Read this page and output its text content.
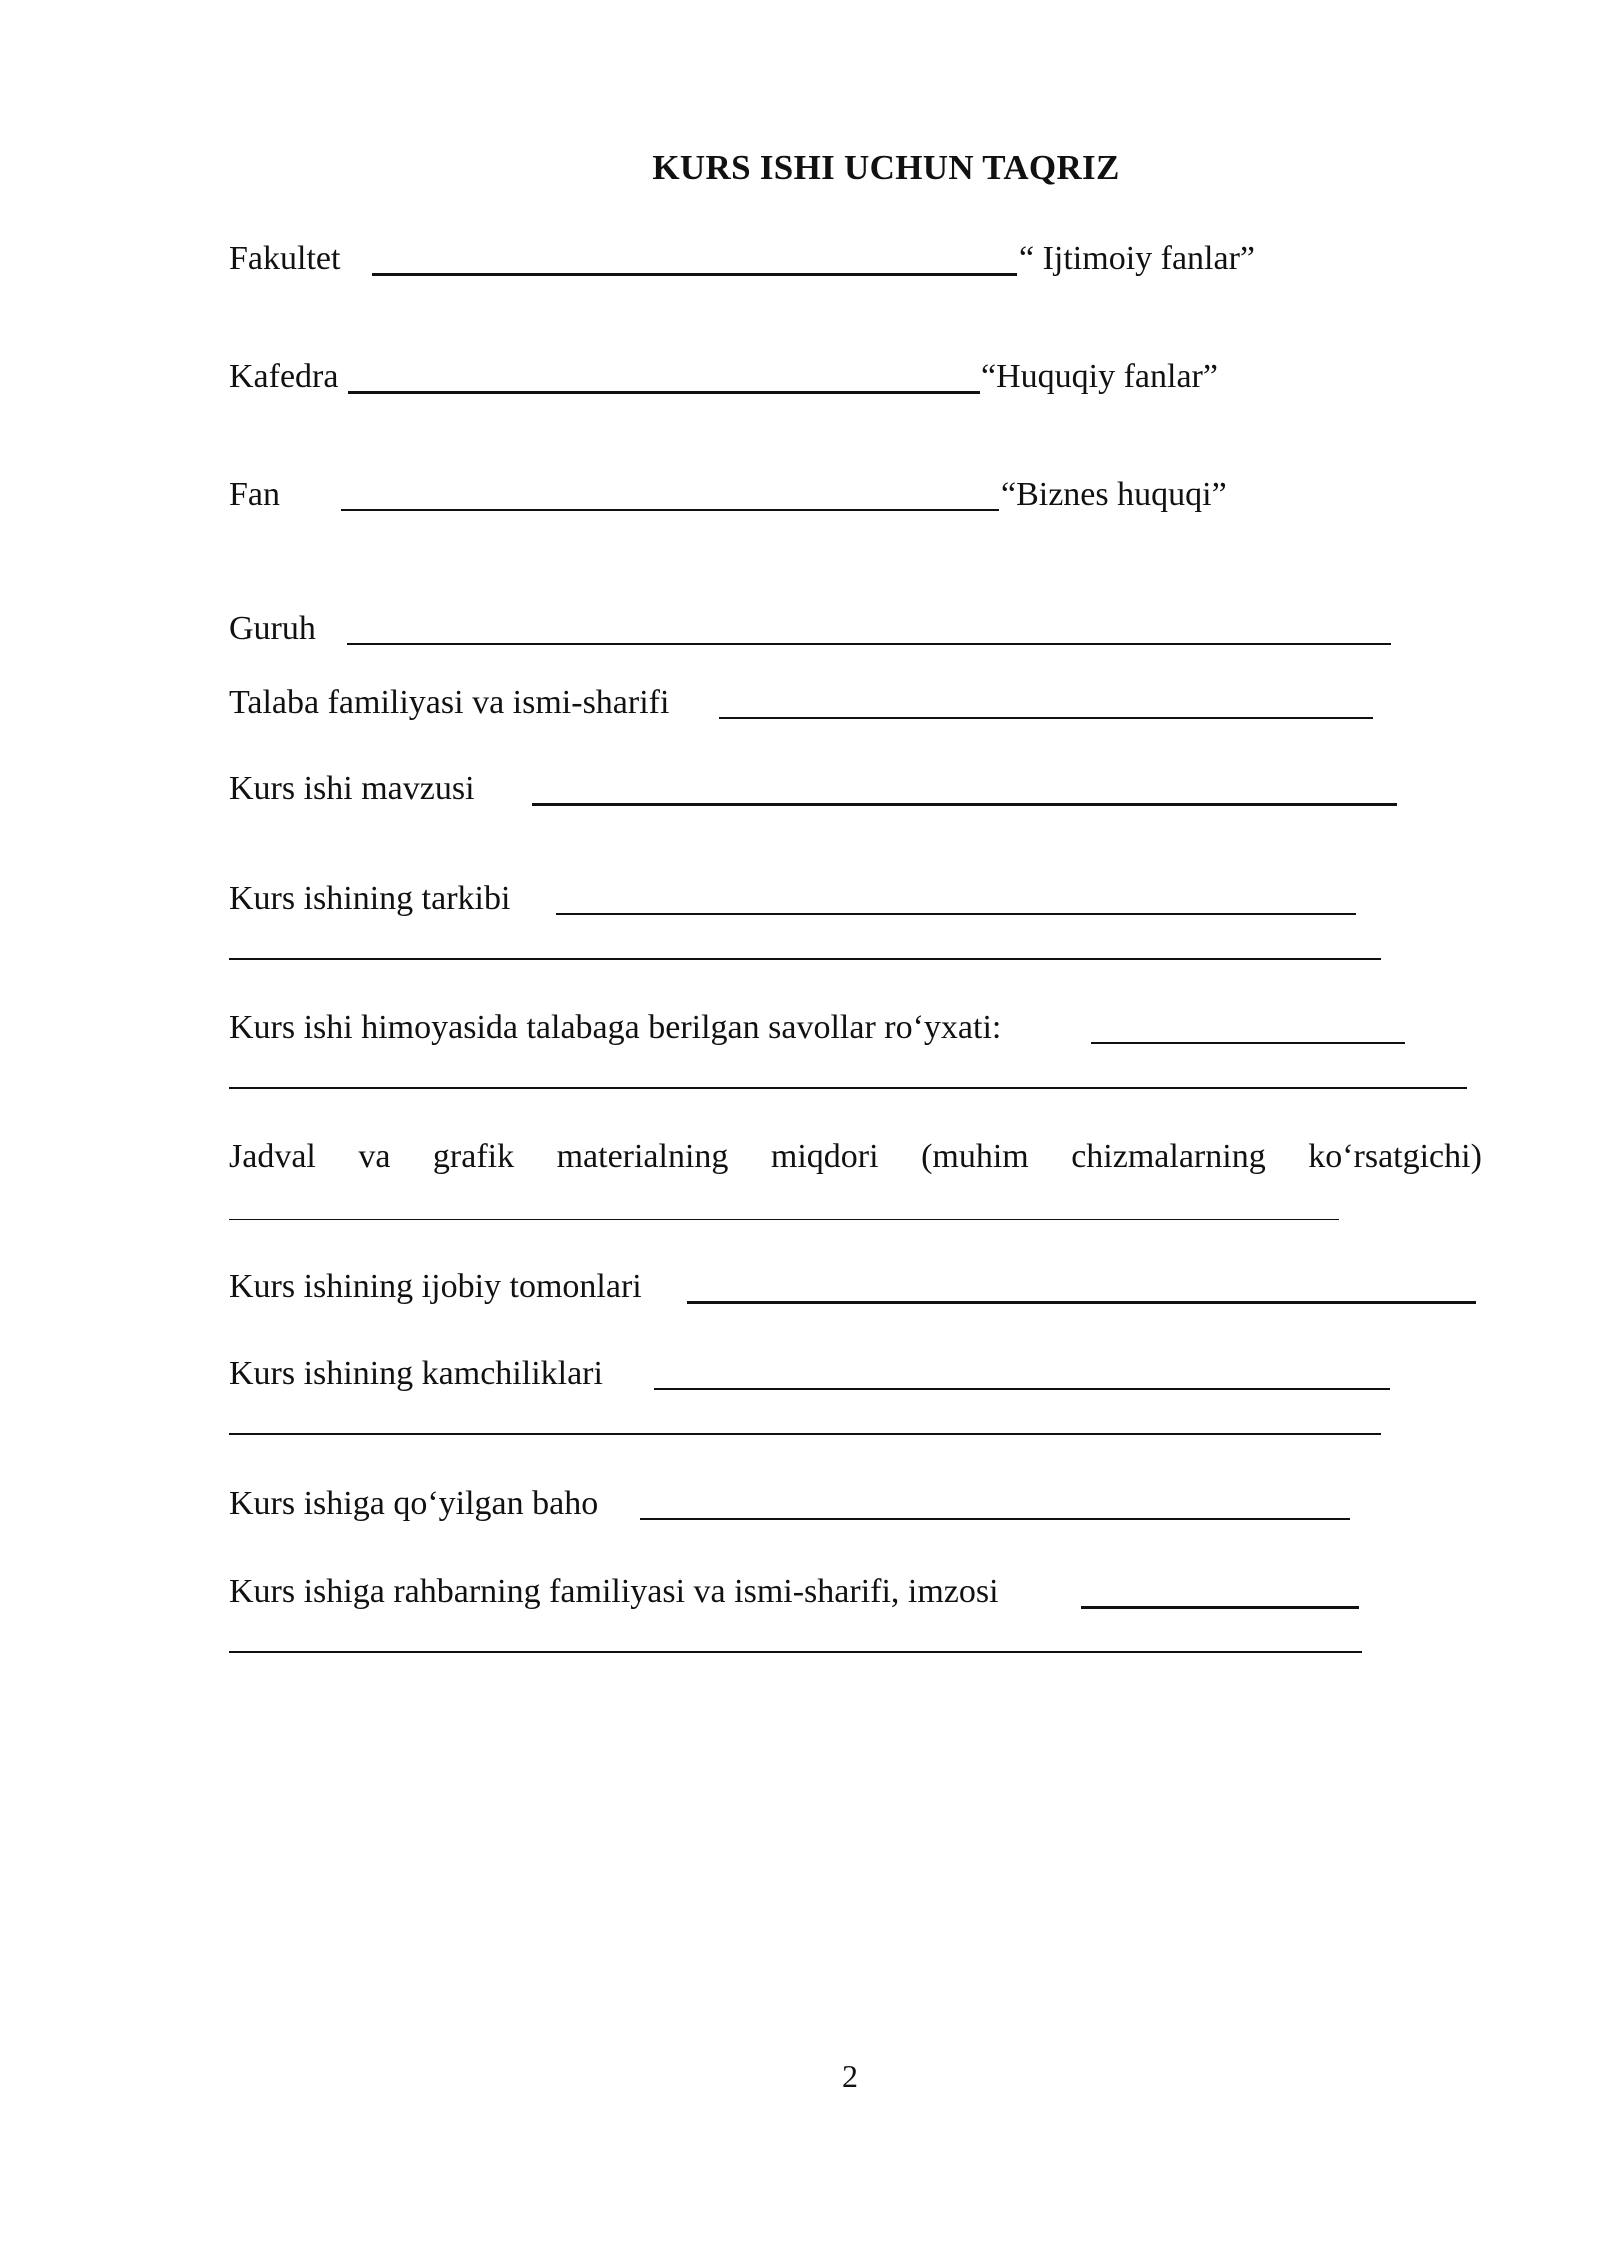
KURS ISHI UCHUN TAQRIZ
Fakultet	“ Ijtimoiy fanlar”
Kafedra	“Huquqiy fanlar”
Fan	“Biznes huquqi”
Guruh
Talaba familiyasi va ismi-sharifi
Kurs ishi mavzusi
Kurs ishining tarkibi
Kurs ishi himoyasida talabaga berilgan savollar ro‘yxati:
Jadval va grafik materialning miqdori (muhim chizmalarning ko‘rsatgichi)
Kurs ishining ijobiy tomonlari
Kurs ishining kamchiliklari
Kurs ishiga qo‘yilgan baho
Kurs ishiga rahbarning familiyasi va ismi-sharifi, imzosi
2
